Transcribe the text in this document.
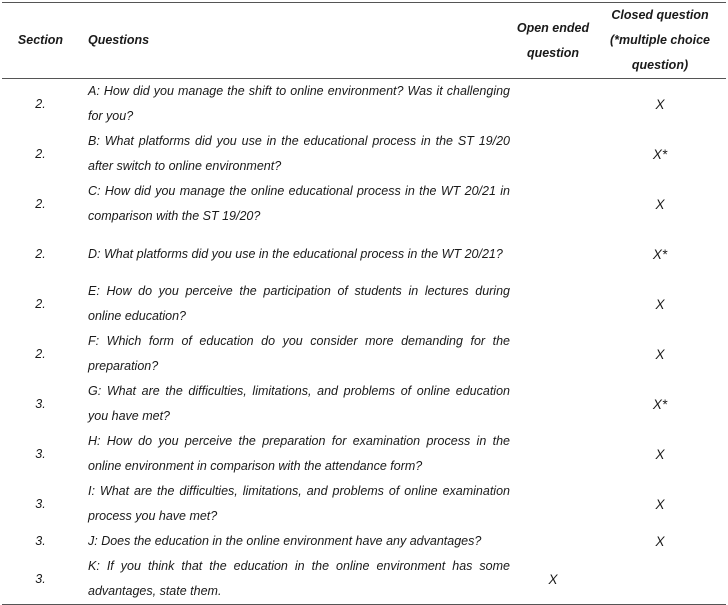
Section	Questions	Open ended question	Closed question (*multiple choice question)
2.	A: How did you manage the shift to online environment? Was it challenging for you?		X
2.	B: What platforms did you use in the educational process in the ST 19/20 after switch to online environment?		X*
2.	C: How did you manage the online educational process in the WT 20/21 in comparison with the ST 19/20?		X
2.	D: What platforms did you use in the educational process in the WT 20/21?		X*
2.	E: How do you perceive the participation of students in lectures during online education?		X
2.	F: Which form of education do you consider more demanding for the preparation?		X
3.	G: What are the difficulties, limitations, and problems of online education you have met?		X*
3.	H: How do you perceive the preparation for examination process in the online environment in comparison with the attendance form?		X
3.	I: What are the difficulties, limitations, and problems of online examination process you have met?		X
3.	J: Does the education in the online environment have any advantages?		X
3.	K: If you think that the education in the online environment has some advantages, state them.	X	
